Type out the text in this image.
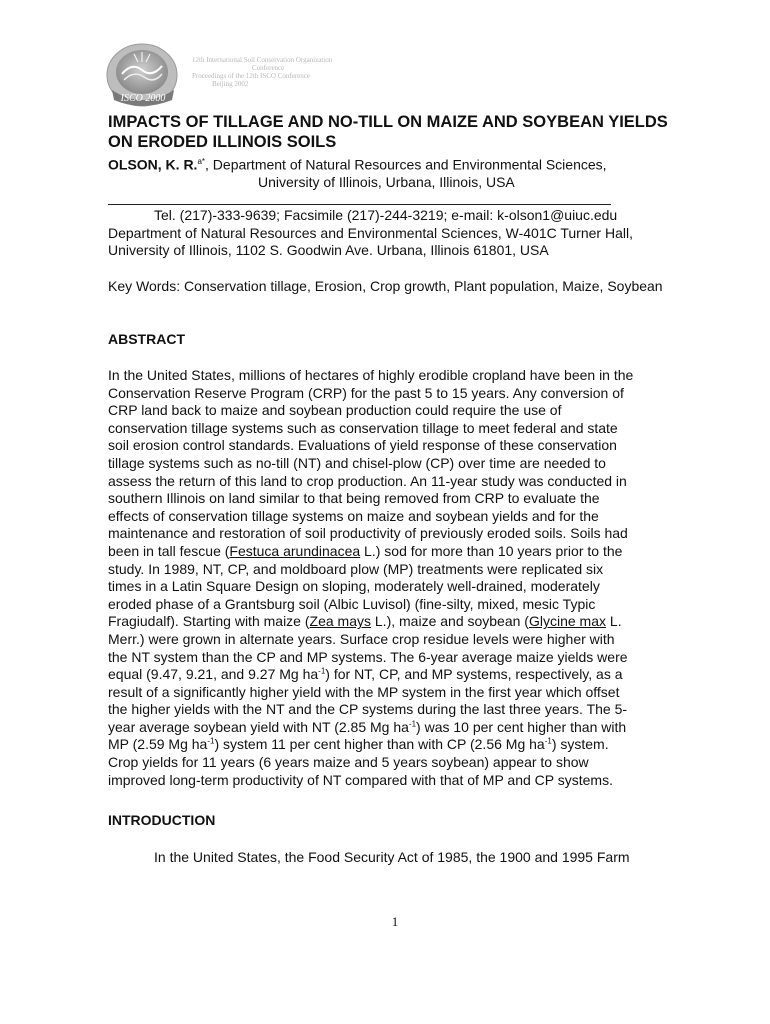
ISCO 2000
12th International Soil Conservation Organization
Conference
Proceedings of the 12th ISCO Conference
Beijing 2002
IMPACTS OF TILLAGE AND NO-TILL ON MAIZE AND SOYBEAN YIELDS ON ERODED ILLINOIS SOILS
OLSON, K. R.$^{a*}$, Department of Natural Resources and Environmental Sciences,
University of Illinois, Urbana, Illinois, USA
Tel. (217)-333-9639; Facsimile (217)-244-3219; e-mail: k-olson1@uiuc.edu
Department of Natural Resources and Environmental Sciences, W-401C Turner Hall,
University of Illinois, 1102 S. Goodwin Ave. Urbana, Illinois 61801, USA
Key Words: Conservation tillage, Erosion, Crop growth, Plant population, Maize, Soybean
ABSTRACT
In the United States, millions of hectares of highly erodible cropland have been in the
Conservation Reserve Program (CRP) for the past 5 to 15 years. Any conversion of
CRP land back to maize and soybean production could require the use of
conservation tillage systems such as conservation tillage to meet federal and state
soil erosion control standards. Evaluations of yield response of these conservation
tillage systems such as no-till (NT) and chisel-plow (CP) over time are needed to
assess the return of this land to crop production. An 11-year study was conducted in
southern Illinois on land similar to that being removed from CRP to evaluate the
effects of conservation tillage systems on maize and soybean yields and for the
maintenance and restoration of soil productivity of previously eroded soils. Soils had
been in tall fescue (Festuca arundinacea L.) sod for more than 10 years prior to the
study. In 1989, NT, CP, and moldboard plow (MP) treatments were replicated six
times in a Latin Square Design on sloping, moderately well-drained, moderately
eroded phase of a Grantsburg soil (Albic Luvisol) (fine-silty, mixed, mesic Typic
Fragiudalf). Starting with maize (Zea mays L.), maize and soybean (Glycine max L.
Merr.) were grown in alternate years. Surface crop residue levels were higher with
the NT system than the CP and MP systems. The 6-year average maize yields were
equal (9.47, 9.21, and 9.27 Mg $ha^{-1}$) for NT, CP, and MP systems, respectively, as a
result of a significantly higher yield with the MP system in the first year which offset
the higher yields with the NT and the CP systems during the last three years. The 5-
year average soybean yield with NT (2.85 Mg $ha^{-1}$) was 10 per cent higher than with
MP (2.59 Mg $ha^{-1}$) system 11 per cent higher than with CP (2.56 Mg $ha^{-1}$) system.
Crop yields for 11 years (6 years maize and 5 years soybean) appear to show
improved long-term productivity of NT compared with that of MP and CP systems.
INTRODUCTION
In the United States, the Food Security Act of 1985, the 1900 and 1995 Farm
1
